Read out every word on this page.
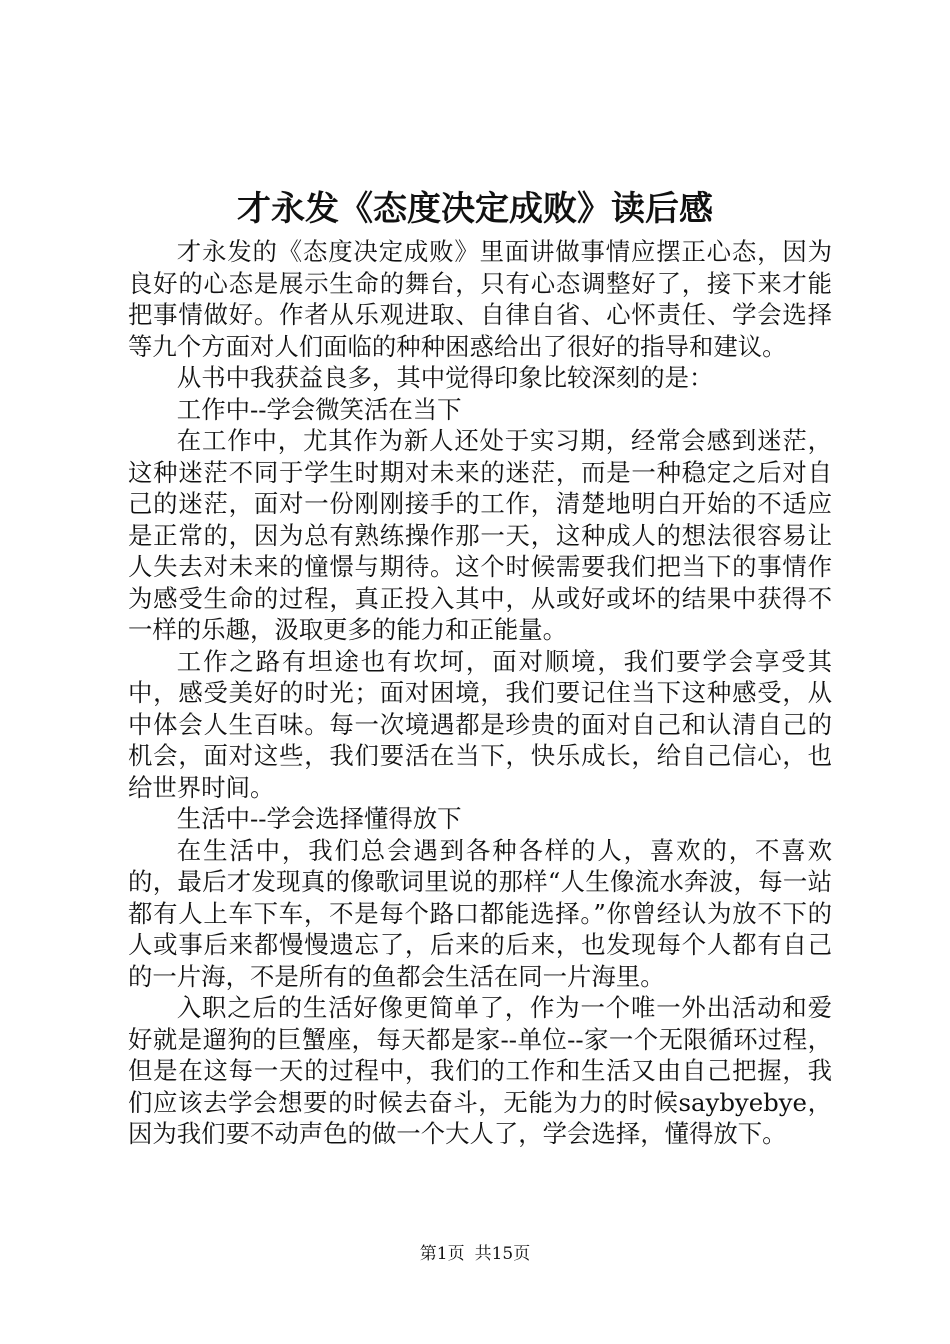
才永发《态度决定成败》读后感

才永发的《态度决定成败》里面讲做事情应摆正心态，因为良好的心态是展示生命的舞台，只有心态调整好了，接下来才能把事情做好。作者从乐观进取、自律自省、心怀责任、学会选择等九个方面对人们面临的种种困惑给出了很好的指导和建议。

从书中我获益良多，其中觉得印象比较深刻的是：

工作中--学会微笑活在当下

在工作中，尤其作为新人还处于实习期，经常会感到迷茫，这种迷茫不同于学生时期对未来的迷茫，而是一种稳定之后对自己的迷茫，面对一份刚刚接手的工作，清楚地明白开始的不适应是正常的，因为总有熟练操作那一天，这种成人的想法很容易让人失去对未来的憧憬与期待。这个时候需要我们把当下的事情作为感受生命的过程，真正投入其中，从或好或坏的结果中获得不一样的乐趣，汲取更多的能力和正能量。

工作之路有坦途也有坎坷，面对顺境，我们要学会享受其中，感受美好的时光；面对困境，我们要记住当下这种感受，从中体会人生百味。每一次境遇都是珍贵的面对自己和认清自己的机会，面对这些，我们要活在当下，快乐成长，给自己信心，也给世界时间。

生活中--学会选择懂得放下

在生活中，我们总会遇到各种各样的人，喜欢的，不喜欢的，最后才发现真的像歌词里说的那样“人生像流水奔波，每一站都有人上车下车，不是每个路口都能选择。”你曾经认为放不下的人或事后来都慢慢遗忘了，后来的后来，也发现每个人都有自己的一片海，不是所有的鱼都会生活在同一片海里。

入职之后的生活好像更简单了，作为一个唯一外出活动和爱好就是遛狗的巨蟹座，每天都是家--单位--家一个无限循环过程，但是在这每一天的过程中，我们的工作和生活又由自己把握，我们应该去学会想要的时候去奋斗，无能为力的时候saybyebye，因为我们要不动声色的做一个大人了，学会选择，懂得放下。

第1页 共15页
